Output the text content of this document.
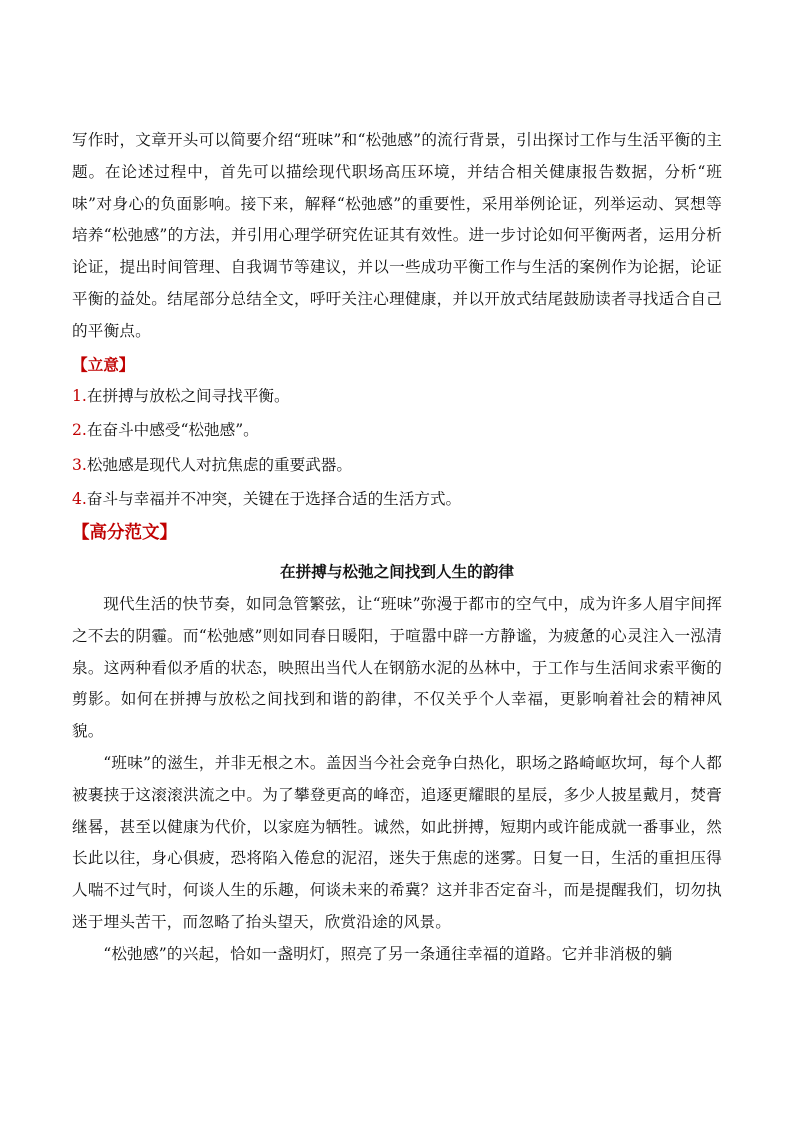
写作时，文章开头可以简要介绍“班味”和“松弛感”的流行背景，引出探讨工作与生活平衡的主题。在论述过程中，首先可以描绘现代职场高压环境，并结合相关健康报告数据，分析“班味”对身心的负面影响。接下来，解释“松弛感”的重要性，采用举例论证，列举运动、冥想等培养“松弛感”的方法，并引用心理学研究佐证其有效性。进一步讨论如何平衡两者，运用分析论证，提出时间管理、自我调节等建议，并以一些成功平衡工作与生活的案例作为论据，论证平衡的益处。结尾部分总结全文，呼吁关注心理健康，并以开放式结尾鼓励读者寻找适合自己的平衡点。

【立意】

1.在拼搏与放松之间寻找平衡。

2.在奋斗中感受“松弛感”。

3.松弛感是现代人对抗焦虑的重要武器。

4.奋斗与幸福并不冲突，关键在于选择合适的生活方式。

【高分范文】
在拼搏与松弛之间找到人生的韵律

现代生活的快节奏，如同急管繁弦，让“班味”弥漫于都市的空气中，成为许多人眉宇间挥之不去的阴霾。而“松弛感”则如同春日暖阳，于喧嚣中辟一方静谧，为疲惫的心灵注入一泓清泉。这两种看似矛盾的状态，映照出当代人在钢筋水泥的丛林中，于工作与生活间求索平衡的剪影。如何在拼搏与放松之间找到和谐的韵律，不仅关乎个人幸福，更影响着社会的精神风貌。

“班味”的滋生，并非无根之木。盖因当今社会竞争白热化，职场之路崎岖坎坷，每个人都被裹挟于这滚滚洪流之中。为了攀登更高的峰峦，追逐更耀眼的星辰，多少人披星戴月，焚膏继晷，甚至以健康为代价，以家庭为牺牲。诚然，如此拼搏，短期内或许能成就一番事业，然长此以往，身心俱疲，恐将陷入倦怠的泥沼，迷失于焦虑的迷雾。日复一日，生活的重担压得人喘不过气时，何谈人生的乐趣，何谈未来的希冀？这并非否定奋斗，而是提醒我们，切勿执迷于埋头苦干，而忽略了抬头望天，欣赏沿途的风景。

“松弛感”的兴起，恰如一盏明灯，照亮了另一条通往幸福的道路。它并非消极的躺
